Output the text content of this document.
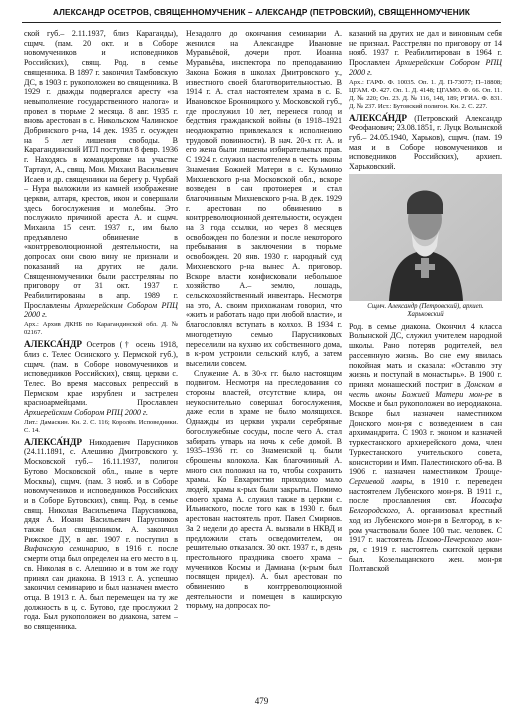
АЛЕКСАНДР ОСЕТРОВ, СВЯЩЕННОМУЧЕНИК – АЛЕКСАНДР (ПЕТРОВСКИЙ), СВЯЩЕННОМУЧЕНИК

ской губ.– 2.11.1937, близ Караганды), сщмч. (пам. 20 окт. и в Соборе новомучеников и исповедников Российских), свящ. Род. в семье священника. В 1897 г. закончил Тамбовскую ДС, в 1903 г. рукоположен во священника. В 1929 г. дважды подвергался аресту «за невыполнение государственного налога» и провел в тюрьме 2 месяца. 8 авг. 1935 г. вновь арестован в с. Никольском Чалинское Добринского р-на, 14 дек. 1935 г. осужден на 5 лет лишения свободы. В Карагандинский ИТЛ поступил 8 февр. 1936 г. Находясь в командировке на участке Тартаул, А., свящ. Мои. Михаил Васильевич Исаев и др. священники на берегу р. Чурбай – Нура выложили из камней изображение церкви, алтаря, крестов, икон и совершали здесь богослужения и молебны. Это послужило причиной ареста А. и сщмч. Михаила 15 сент. 1937 г., им было предъявлено обвинение в «контрреволюционной деятельности, на допросах они свою вину не признали и показаний на других не дали. Священномученики были расстреляны по приговору от 31 окт. 1937 г. Реабилитированы в апр. 1989 г. Прославлены Архиерейским Собором РПЦ 2000 г.

Арх.: Архив ДКНБ по Карагандинской обл. Д. № 02167.

АЛЕКСА́НДР Осетров († осень 1918, близ с. Телес Осинского у. Пермской губ.), сщмч. (пам. в Соборе новомучеников и исповедников Российских), свящ. церкви с. Телес. Во время массовых репрессий в Пермском крае изрублен и застрелен красноармейцами. Прославлен Архиерейским Собором РПЦ 2000 г.

Лит.: Дамаскин. Кн. 2. С. 116; Королёв. Исповедники. С. 14.

АЛЕКСА́НДР Никодаевич Парусников (24.11.1891, с. Алешино Дмитровского у. Московской губ.– 16.11.1937, полигон Бутово Московской обл., ныне в черте Москвы), сщмч. (пам. 3 нояб. и в Соборе новомучеников и исповедников Российских и в Соборе Бутовских), свящ. Род. в семье свящ. Николая Васильевича Парусникова, дядя А. Иоанн Васильевич Парусников также был священником. А. закончил Рижское ДУ, в авг. 1907 г. поступил в Вифанскую семинарию, в 1916 г. после смерти отца был определен на его место в ц. св. Николая в с. Алешино и в том же году принял сан диакона. В 1913 г. А. успешно закончил семинарию и был назначен вместо отца. В 1913 г. А. был перемещен на ту же должность в ц. с. Бутово, где прослужил 2 года. Был рукоположен во диакона, затем – во священника.

Незадолго до окончания семинарии А. женился на Александре Ивановне Муравьёвой, дочери прот. Иоанна Муравьёва, инспектора по преподаванию Закона Божия в школах Дмитровского у., известного своей благотворительностью. В 1914 г. А. стал настоятелем храма в с. Б. Ивановское Бронницкого у. Московской губ., где прослужил 10 лет, перенеся голод и бедствия гражданской войны (в 1918–1921 неоднократно привлекался к исполнению трудовой повинности). В нач. 20-х гг. А. и его жена были лишены избирательных прав. С 1924 г. служил настоятелем в честь иконы Знамения Божией Матери в с. Кузьмино Михневского р-на Московской обл., вскоре возведен в сан протоиерея и стал благочинным Михневского р-на. В дек. 1929 г. арестован по обвинению в контрреволюционной деятельности, осужден на 3 года ссылки, но через 8 месяцев освобожден по болезни и после некоторого пребывания в заключении в тюрьме освобожден. 20 янв. 1930 г. народный суд Михневского р-на вынес А. приговор. Вскоре власти конфисковали небольшое хозяйство А.– землю, лошадь, сельскохозяйственный инвентарь. Несмотря на это, А. своим прихожанам говорил, что «жить и работать надо при любой власти», и благословлял вступать в колхоз. В 1934 г. многодетную семью Парусниковых переселили на кухню их собственного дома, в к-ром устроили сельский клуб, а затем выселили совсем.

Служение А. в 30-х гг. было настоящим подвигом. Несмотря на преследования со стороны властей, отсутствие клира, он неукоснительно совершал богослужения, даже если в храме не было молящихся. Однажды из церкви украли серебряные богослужебные сосуды, после чего А. стал забирать утварь на ночь к себе домой. В 1935–1936 гг. со Знаменской ц. были сброшены колокола. Как благочинный А. много сил положил на то, чтобы сохранить храмы. Ко Евхаристии приходило мало людей, храмы к-рых были закрыты. Помимо своего храма А. служил также в церкви с. Ильинского, после того как в 1930 г. был арестован настоятель прот. Павел Смирнов. За 2 недели до ареста А. вызвали в НКВД и предложили стать осведомителем, он решительно отказался. 30 окт. 1937 г., в день престольного праздника своего храма – мучеников Космы и Дамиана (к-рым был посвящен придел). А. был арестован по обвинению в контрреволюционной деятельности и помещен в каширскую тюрьму, на допросах по-

казаний на других не дал и виновным себя не признал. Расстрелян по приговору от 14 нояб. 1937 г. Реабилитирован в 1964 г. Прославлен Архиерейским Собором РПЦ 2000 г.

Арх.: ГАРФ. Ф. 10035. Оп. 1. Д. П-73077; П–18808; ЦГАМ. Ф. 427. Оп. 1. Д. 4148; ЦГАМО. Ф. 66. Оп. 11. Д. № 220; Оп. 23. Д. № 116, 148, 189; РГИА. Ф. 831. Д. № 237. Ист.: Бутовский полигон. Кн. 2. С. 227.

АЛЕКСА́НДР (Петровский Александр Феофанович; 23.08.1851, г. Луцк Волынской губ.– 24.05.1940, Харьков), сщмч. (пам. 19 мая и в Соборе новомучеников и исповедников Российских), архиеп. Харьковский.

Сщмч. Александр (Петровский), архиеп. Харьковский

Род. в семье диакона. Окончил 4 класса Волынской ДС, служил учителем народной школы. Рано потеряв родителей, вел рассеянную жизнь. Во сне ему явилась покойная мать и сказала: «Оставлю эту жизнь и поступай в монастырь». В 1900 г. принял монашеский постриг в Донском в честь иконы Божией Матери мон-ре в Москве и был рукоположен во иеродиакона. Вскоре был назначен наместником Донского мон-ря с возведением в сан архимандрита. С 1903 г. эконом и казначей туркестанского архиерейского дома, член Туркестанского учительского совета, консистории и Имп. Палестинского об-ва. В 1906 г. назначен наместником Троице-Сергиевой лавры, в 1910 г. переведен настоятелем Лубенского мон-ря. В 1911 г., после прославления свт. Иоасафа Белгородского, А. организовал крестный ход из Лубенского мон-ря в Белгород, в к-ром участвовали более 100 тыс. человек. С 1917 г. настоятель Псково-Печерского мон-ря, с 1919 г. настоятель скитской церкви был. Козельщанского жен. мон-ря Полтавской

479
